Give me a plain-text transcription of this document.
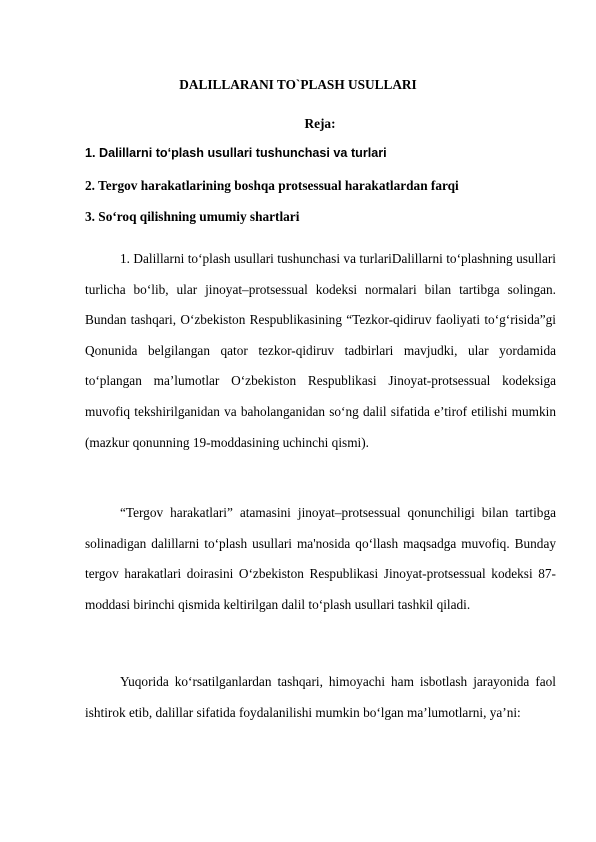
DALILLARANI TO`PLASH USULLARI
Reja:
1. Dalillarni to‘plash usullari tushunchasi va turlari
2. Tergov harakatlarining boshqa protsessual harakatlardan farqi
3. So‘roq qilishning umumiy shartlari

1. Dalillarni to‘plash usullari tushunchasi va turlariDalillarni to‘plashning usullari turlicha bo‘lib, ular jinoyat–protsessual kodeksi normalari bilan tartibga solingan. Bundan tashqari, O‘zbekiston Respublikasining “Tezkor-qidiruv faoliyati to‘g‘risida”gi Qonunida belgilangan qator tezkor-qidiruv tadbirlari mavjudki, ular yordamida to‘plangan ma’lumotlar O‘zbekiston Respublikasi Jinoyat-protsessual kodeksiga muvofiq tekshirilganidan va baholanganidan so‘ng dalil sifatida e’tirof etilishi mumkin (mazkur qonunning 19-moddasining uchinchi qismi).

“Tergov harakatlari” atamasini jinoyat–protsessual qonunchiligi bilan tartibga solinadigan dalillarni to‘plash usullari ma'nosida qo‘llash maqsadga muvofiq. Bunday tergov harakatlari doirasini O‘zbekiston Respublikasi Jinoyat-protsessual kodeksi 87-moddasi birinchi qismida keltirilgan dalil to‘plash usullari tashkil qiladi.

Yuqorida ko‘rsatilganlardan tashqari, himoyachi ham isbotlash jarayonida faol ishtirok etib, dalillar sifatida foydalanilishi mumkin bo‘lgan ma’lumotlarni, ya’ni:
